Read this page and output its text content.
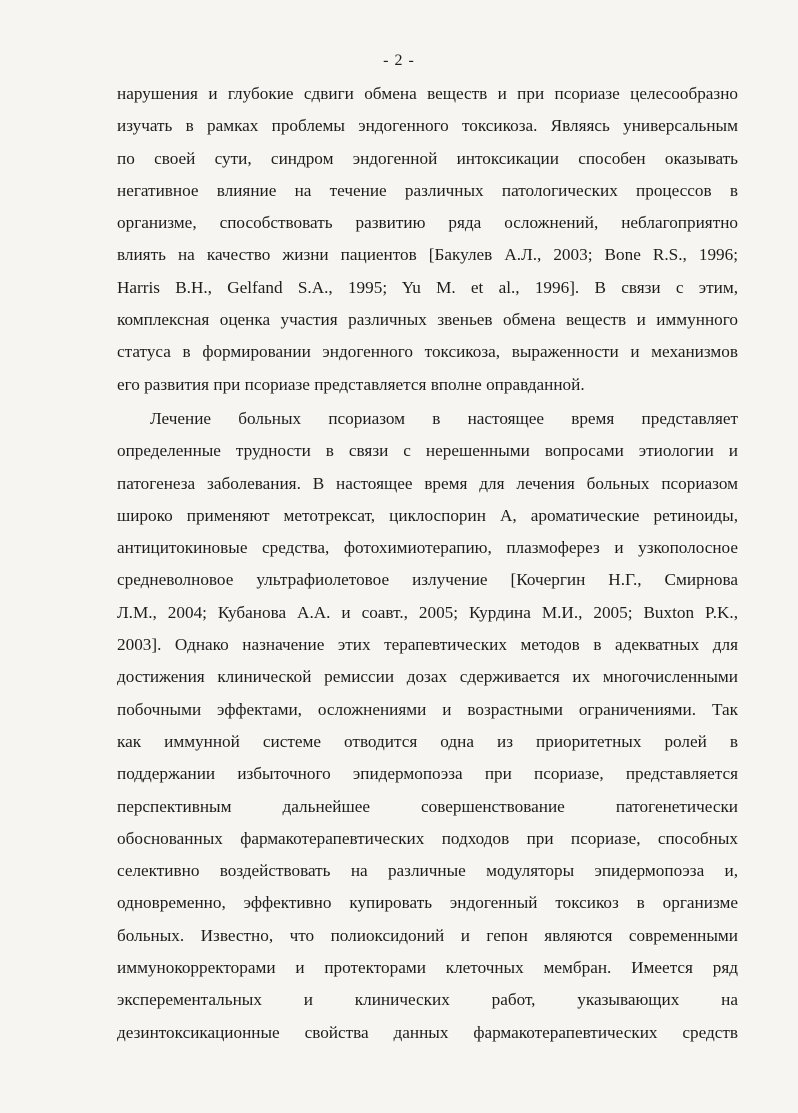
- 2 -
нарушения и глубокие сдвиги обмена веществ и при псориазе целесообразно
изучать в рамках проблемы эндогенного токсикоза. Являясь универсальным
по своей сути, синдром эндогенной интоксикации способен оказывать
негативное влияние на течение различных патологических процессов в
организме, способствовать развитию ряда осложнений, неблагоприятно
влиять на качество жизни пациентов [Бакулев А.Л., 2003; Bone R.S., 1996;
Harris B.H., Gelfand S.A., 1995; Yu M. et al., 1996]. В связи с этим,
комплексная оценка участия различных звеньев обмена веществ и иммунного
статуса в формировании эндогенного токсикоза, выраженности и механизмов
его развития при псориазе представляется вполне оправданной.
Лечение больных псориазом в настоящее время представляет
определенные трудности в связи с нерешенными вопросами этиологии и
патогенеза заболевания. В настоящее время для лечения больных псориазом
широко применяют метотрексат, циклоспорин А, ароматические ретиноиды,
антицитокиновые средства, фотохимиотерапию, плазмоферез и узкополосное
средневолновое ультрафиолетовое излучение [Кочергин Н.Г., Смирнова
Л.М., 2004; Кубанова А.А. и соавт., 2005; Курдина М.И., 2005; Buxton P.K.,
2003]. Однако назначение этих терапевтических методов в адекватных для
достижения клинической ремиссии дозах сдерживается их многочисленными
побочными эффектами, осложнениями и возрастными ограничениями. Так
как иммунной системе отводится одна из приоритетных ролей в
поддержании избыточного эпидермопоэза при псориазе, представляется
перспективным дальнейшее совершенствование патогенетически
обоснованных фармакотерапевтических подходов при псориазе, способных
селективно воздействовать на различные модуляторы эпидермопоэза и,
одновременно, эффективно купировать эндогенный токсикоз в организме
больных. Известно, что полиоксидоний и гепон являются современными
иммунокорректорами и протекторами клеточных мембран. Имеется ряд
эксперементальных и клинических работ, указывающих на
дезинтоксикационные свойства данных фармакотерапевтических средств
